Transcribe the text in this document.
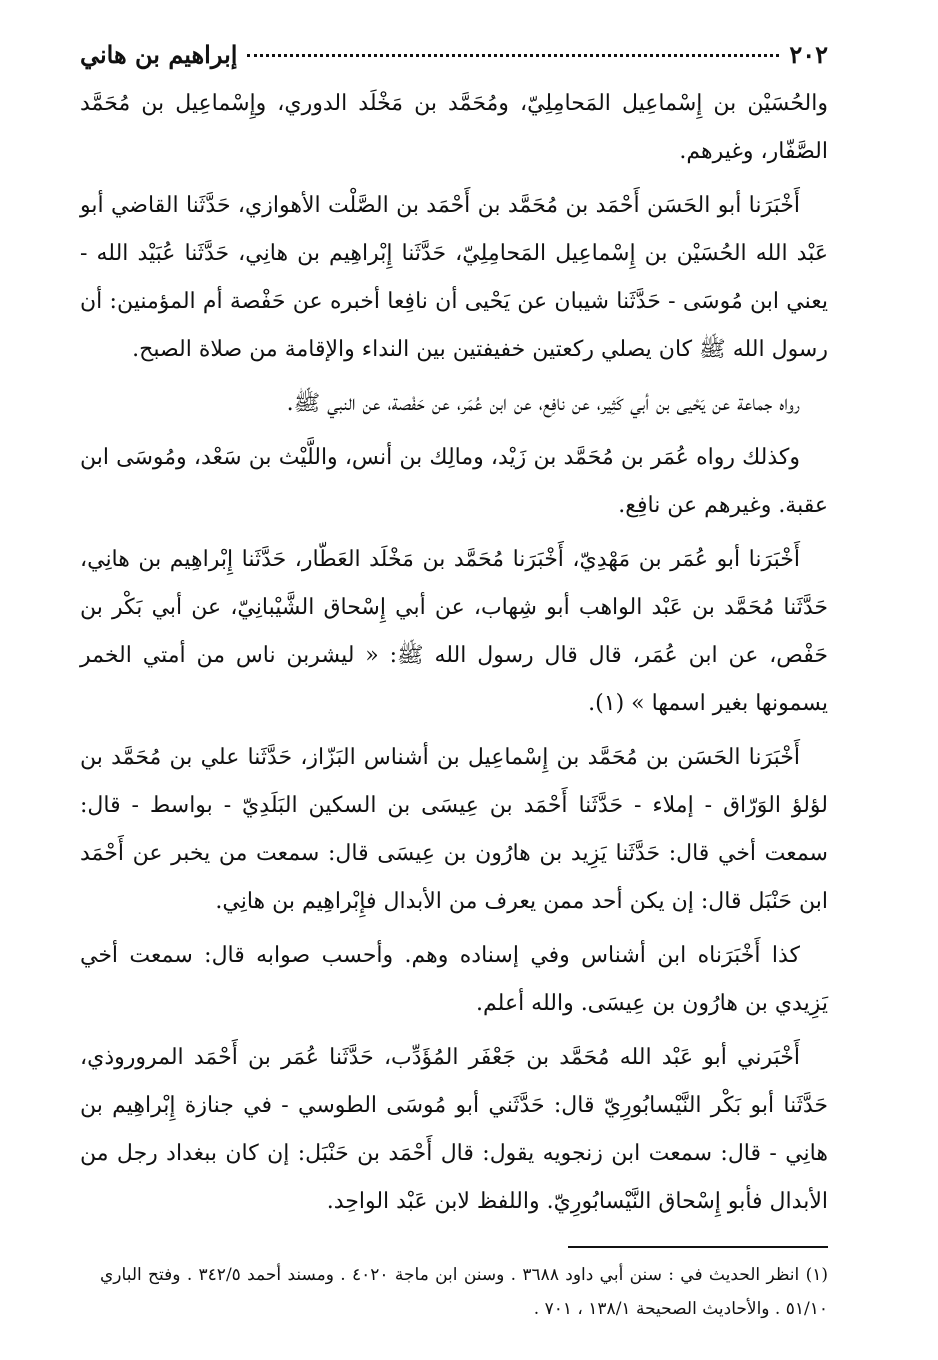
٢٠٢
إبراهيم بن هاني

والحُسَيْن بن إِسْماعِيل المَحامِلِيّ، ومُحَمَّد بن مَخْلَد الدوري، وإِسْماعِيل بن مُحَمَّد الصَّفّار، وغيرهم.

أَخْبَرَنا أبو الحَسَن أَحْمَد بن مُحَمَّد بن أَحْمَد بن الصَّلْت الأهوازي، حَدَّثَنا القاضي أبو عَبْد الله الحُسَيْن بن إِسْماعِيل المَحامِلِيّ، حَدَّثَنا إِبْراهِيم بن هانِي، حَدَّثَنا عُبَيْد الله - يعني ابن مُوسَى - حَدَّثَنا شيبان عن يَحْيى أن نافِعا أخبره عن حَفْصة أم المؤمنين: أن رسول الله ﷺ كان يصلي ركعتين خفيفتين بين النداء والإقامة من صلاة الصبح.

رواه جماعة عن يَحْيى بن أبي كَثِير، عن نافِع، عن ابن عُمَر، عن حَفْصة، عن النبي ﷺ.

وكذلك رواه عُمَر بن مُحَمَّد بن زَيْد، ومالِك بن أنس، واللَّيْث بن سَعْد، ومُوسَى ابن عقبة. وغيرهم عن نافِع.

أَخْبَرَنا أبو عُمَر بن مَهْدِيّ، أَخْبَرَنا مُحَمَّد بن مَخْلَد العَطّار، حَدَّثَنا إِبْراهِيم بن هانِي، حَدَّثَنا مُحَمَّد بن عَبْد الواهب أبو شِهاب، عن أبي إِسْحاق الشَّيْبانِيّ، عن أبي بَكْر بن حَفْص، عن ابن عُمَر، قال قال رسول الله ﷺ: « ليشربن ناس من أمتي الخمر يسمونها بغير اسمها » (١).

أَخْبَرَنا الحَسَن بن مُحَمَّد بن إِسْماعِيل بن أشناس البَزّاز، حَدَّثَنا علي بن مُحَمَّد بن لؤلؤ الوَرّاق - إملاء - حَدَّثَنا أَحْمَد بن عِيسَى بن السكين البَلَدِيّ - بواسط - قال: سمعت أخي قال: حَدَّثَنا يَزِيد بن هارُون بن عِيسَى قال: سمعت من يخبر عن أَحْمَد ابن حَنْبَل قال: إن يكن أحد ممن يعرف من الأبدال فإِبْراهِيم بن هانِي.

كذا أَخْبَرَناه ابن أشناس وفي إسناده وهم. وأحسب صوابه قال: سمعت أخي يَزِيدي بن هارُون بن عِيسَى. والله أعلم.

أَخْبَرني أبو عَبْد الله مُحَمَّد بن جَعْفَر المُؤَدِّب، حَدَّثَنا عُمَر بن أَحْمَد المروروذي، حَدَّثَنا أبو بَكْر النَّيْسابُورِيّ قال: حَدَّثَني أبو مُوسَى الطوسي - في جنازة إِبْراهِيم بن هانِي - قال: سمعت ابن زنجويه يقول: قال أَحْمَد بن حَنْبَل: إن كان ببغداد رجل من الأبدال فأبو إِسْحاق النَّيْسابُورِيّ. واللفظ لابن عَبْد الواحِد.

(١) انظر الحديث في : سنن أبي داود ٣٦٨٨ . وسنن ابن ماجة ٤٠٢٠ . ومسند أحمد ٣٤٢/٥ . وفتح الباري ٥١/١٠ . والأحاديث الصحيحة ١٣٨/١ ، ٧٠١ .
